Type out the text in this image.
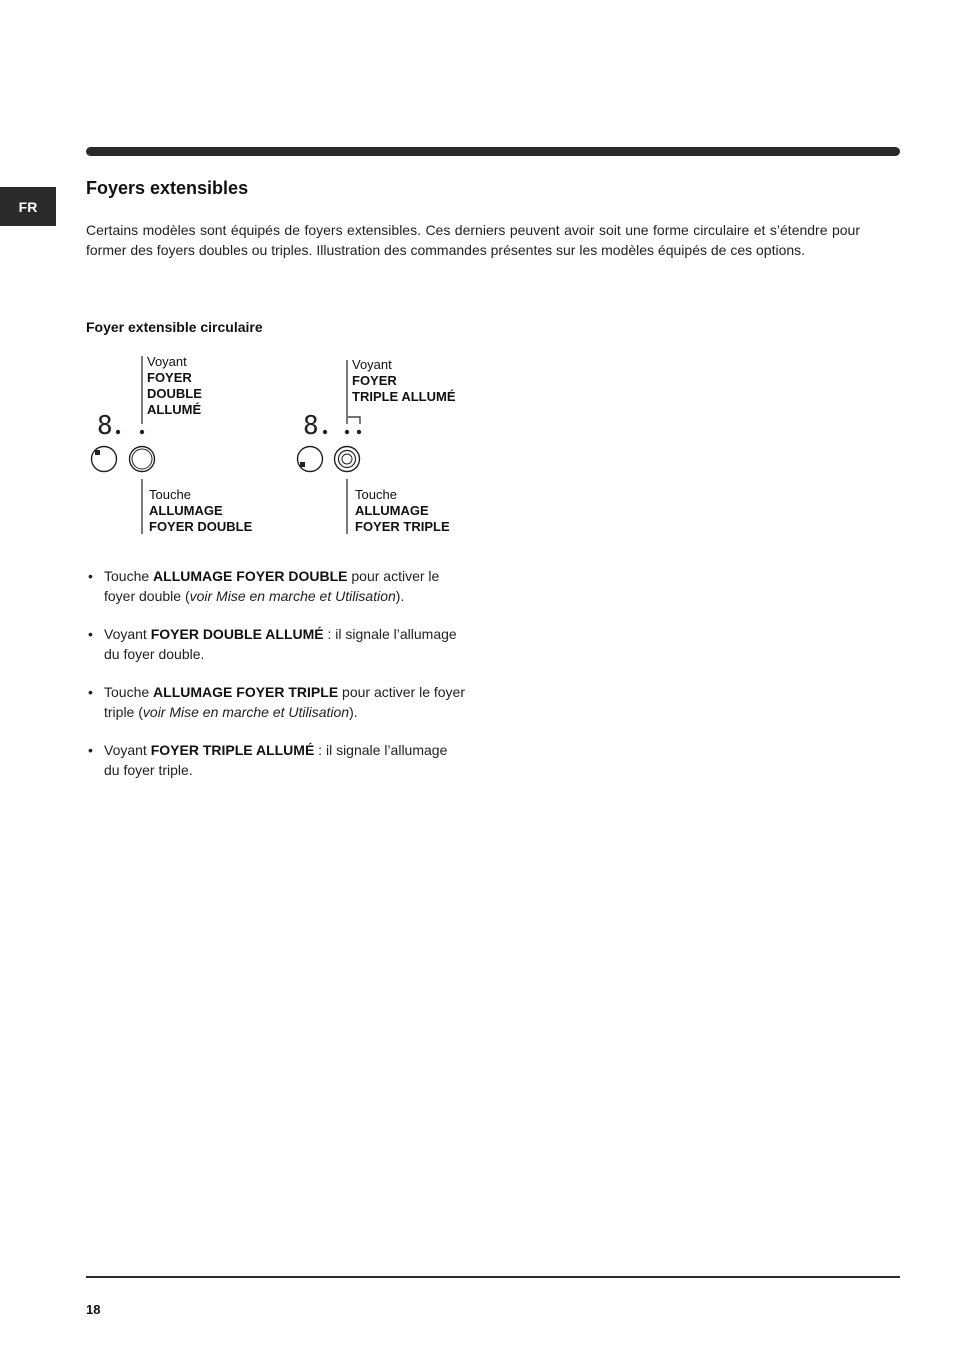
FR
Foyers extensibles
Certains modèles sont équipés de foyers extensibles. Ces derniers peuvent avoir soit une forme circulaire et s’étendre pour former des foyers doubles ou triples. Illustration des commandes présentes sur les modèles équipés de ces options.
Foyer extensible circulaire
8	8
Voyant
FOYER
DOUBLE
ALLUMÉ
Voyant
FOYER
TRIPLE ALLUMÉ
Touche
ALLUMAGE
FOYER DOUBLE
Touche
ALLUMAGE
FOYER TRIPLE
• Touche ALLUMAGE FOYER DOUBLE pour activer le foyer double (voir Mise en marche et Utilisation).
• Voyant FOYER DOUBLE ALLUMÉ : il signale l’allumage du foyer double.
• Touche ALLUMAGE FOYER TRIPLE pour activer le foyer triple (voir Mise en marche et Utilisation).
• Voyant FOYER TRIPLE ALLUMÉ : il signale l’allumage du foyer triple.
18
